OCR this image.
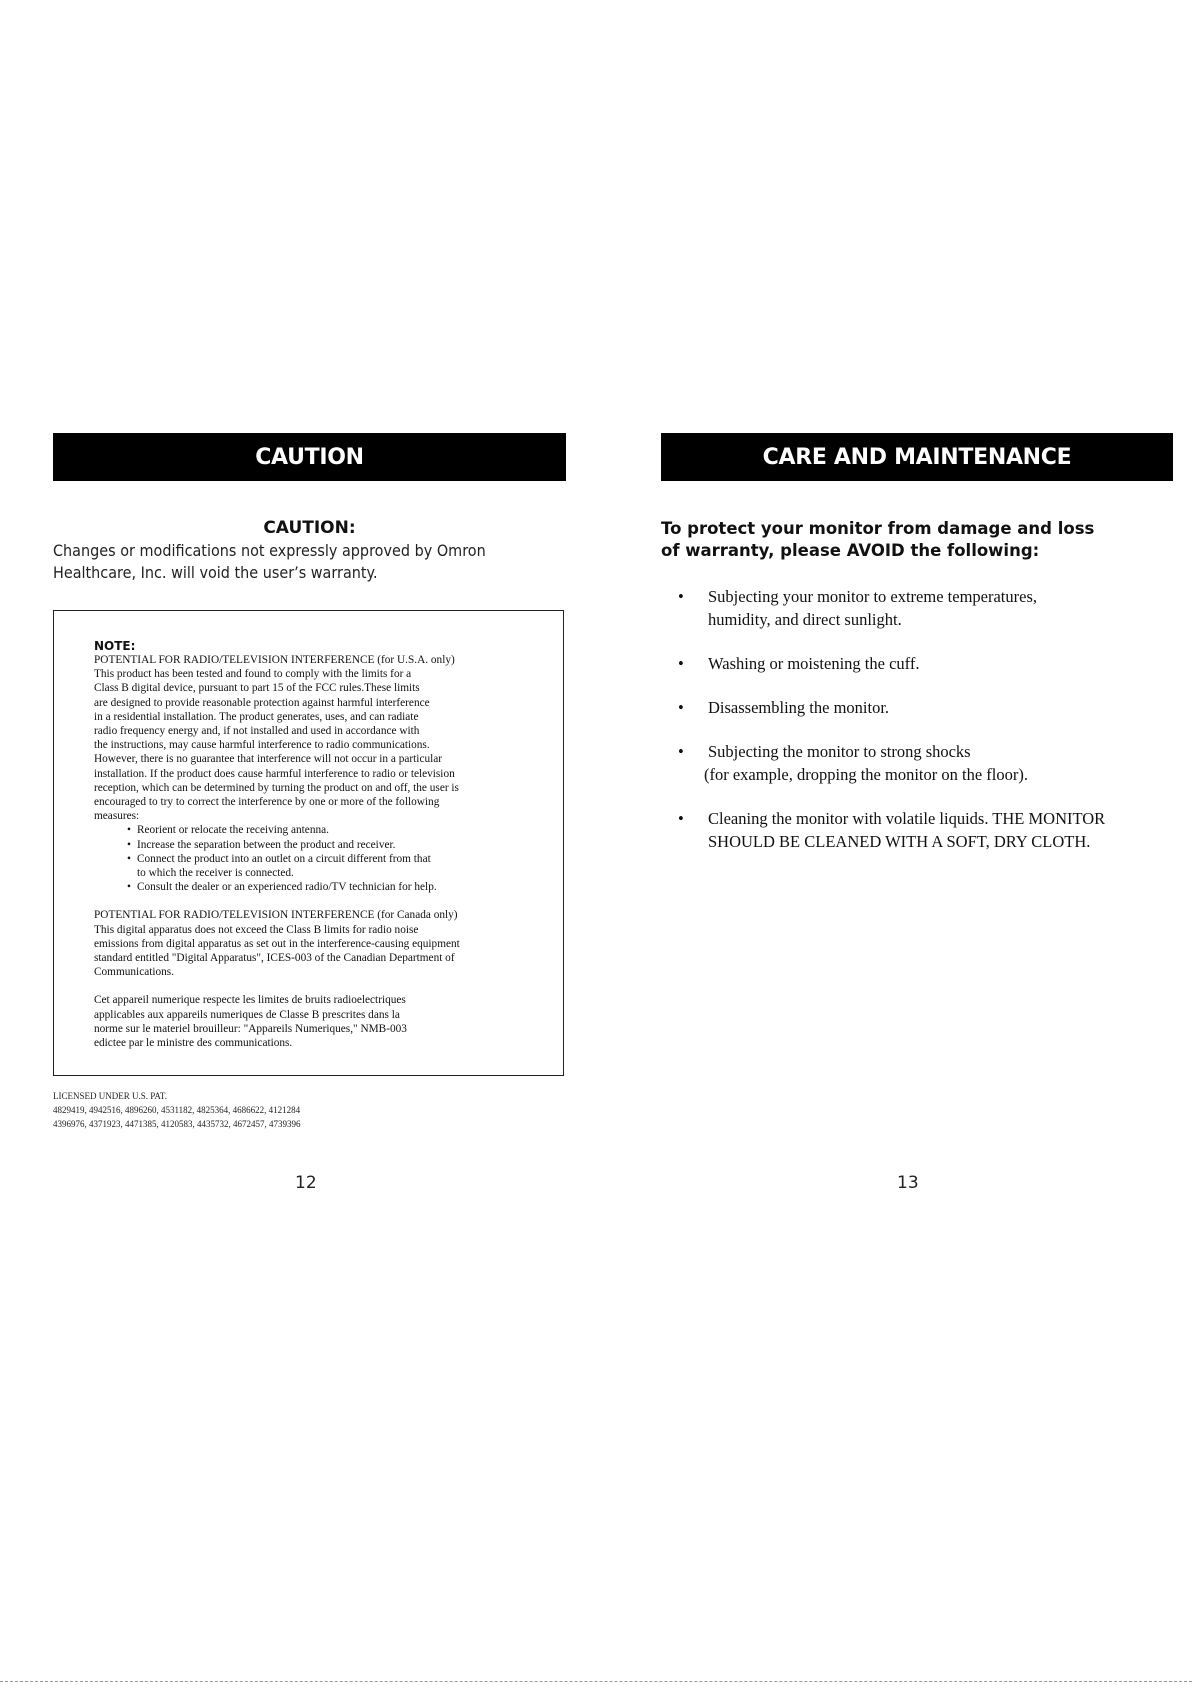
CAUTION
CAUTION:
Changes or modifications not expressly approved by Omron
Healthcare, Inc. will void the user’s warranty.
NOTE:

POTENTIAL FOR RADIO/TELEVISION INTERFERENCE (for U.S.A. only)

This product has been tested and found to comply with the limits for a

Class B digital device, pursuant to part 15 of the FCC rules.These limits

are designed to provide reasonable protection against harmful interference

in a residential installation. The product generates, uses, and can radiate

radio frequency energy and, if not installed and used in accordance with

the instructions, may cause harmful interference to radio communications.

However, there is no guarantee that interference will not occur in a particular

installation. If the product does cause harmful interference to radio or television

reception, which can be determined by turning the product on and off, the user is

encouraged to try to correct the interference by one or more of the following

measures:

• Reorient or relocate the receiving antenna.
• Increase the separation between the product and receiver.
• Connect the product into an outlet on a circuit different from that
to which the receiver is connected.
• Consult the dealer or an experienced radio/TV technician for help.

POTENTIAL FOR RADIO/TELEVISION INTERFERENCE (for Canada only)

This digital apparatus does not exceed the Class B limits for radio noise

emissions from digital apparatus as set out in the interference-causing equipment

standard entitled "Digital Apparatus", ICES-003 of the Canadian Department of

Communications.

Cet appareil numerique respecte les limites de bruits radioelectriques

applicables aux appareils numeriques de Classe B prescrites dans la

norme sur le materiel brouilleur: "Appareils Numeriques," NMB-003

edictee par le ministre des communications.

LICENSED UNDER U.S. PAT.
4829419, 4942516, 4896260, 4531182, 4825364, 4686622, 4121284
4396976, 4371923, 4471385, 4120583, 4435732, 4672457, 4739396
12
CARE AND MAINTENANCE
To protect your monitor from damage and loss
of warranty, please AVOID the following:
• Subjecting your monitor to extreme temperatures,
humidity, and direct sunlight.
• Washing or moistening the cuff.
• Disassembling the monitor.
• Subjecting the monitor to strong shocks
(for example, dropping the monitor on the floor).
• Cleaning the monitor with volatile liquids. THE MONITOR
SHOULD BE CLEANED WITH A SOFT, DRY CLOTH.
13
